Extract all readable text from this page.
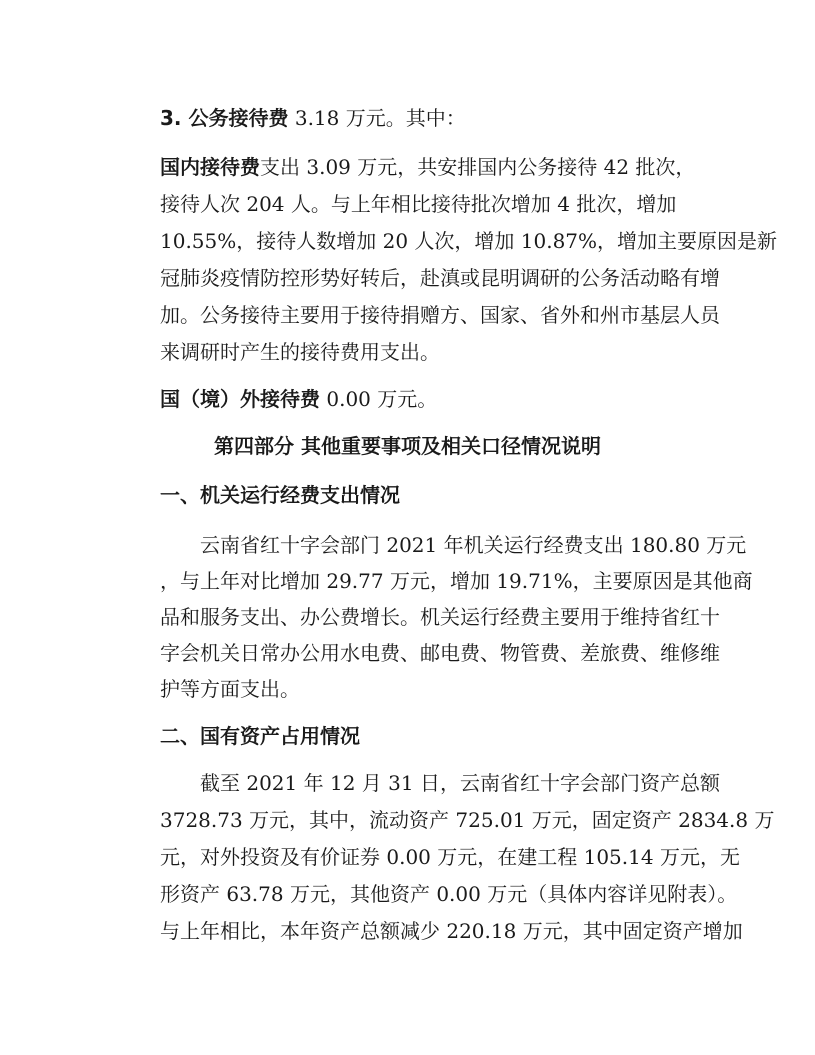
3. 公务接待费 3.18 万元。其中：
国内接待费支出 3.09 万元，共安排国内公务接待 42 批次，
接待人次 204 人。与上年相比接待批次增加 4 批次，增加
10.55%，接待人数增加 20 人次，增加 10.87%，增加主要原因是新
冠肺炎疫情防控形势好转后，赴滇或昆明调研的公务活动略有增
加。公务接待主要用于接待捐赠方、国家、省外和州市基层人员
来调研时产生的接待费用支出。
国（境）外接待费 0.00 万元。
第四部分 其他重要事项及相关口径情况说明
一、机关运行经费支出情况
云南省红十字会部门 2021 年机关运行经费支出 180.80 万元
，与上年对比增加 29.77 万元，增加 19.71%，主要原因是其他商
品和服务支出、办公费增长。机关运行经费主要用于维持省红十
字会机关日常办公用水电费、邮电费、物管费、差旅费、维修维
护等方面支出。
二、国有资产占用情况
截至 2021 年 12 月 31 日，云南省红十字会部门资产总额
3728.73 万元，其中，流动资产 725.01 万元，固定资产 2834.8 万
元，对外投资及有价证券 0.00 万元，在建工程 105.14 万元，无
形资产 63.78 万元，其他资产 0.00 万元（具体内容详见附表）。
与上年相比，本年资产总额减少 220.18 万元，其中固定资产增加
